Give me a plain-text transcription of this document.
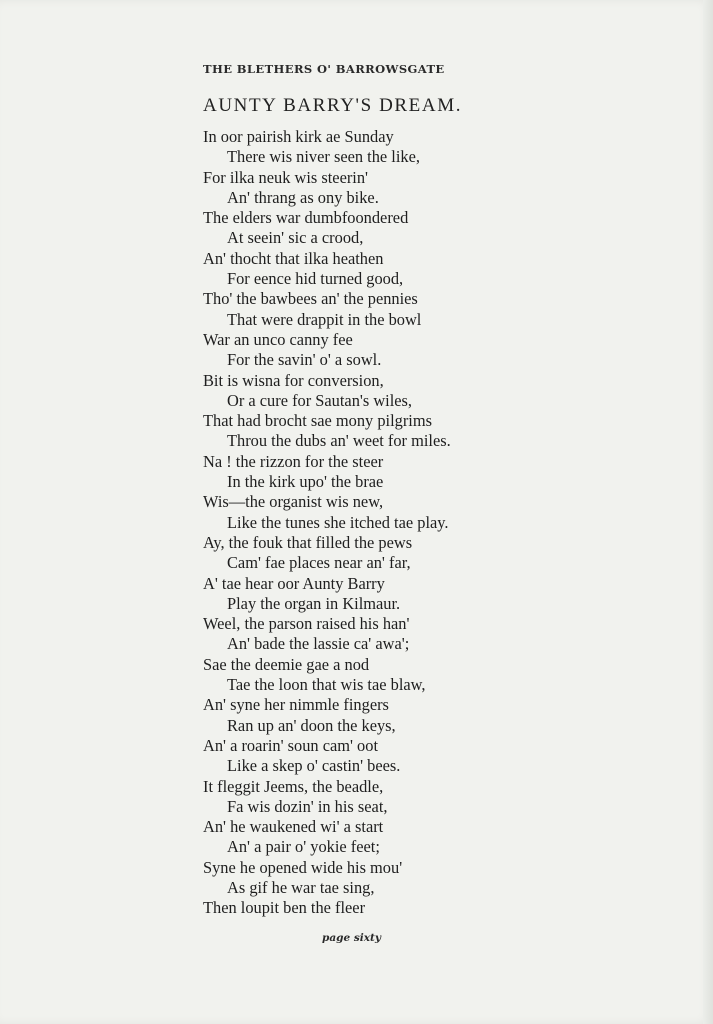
THE BLETHERS O' BARROWSGATE
AUNTY BARRY'S DREAM.
In oor pairish kirk ae Sunday
There wis niver seen the like,
For ilka neuk wis steerin'
An' thrang as ony bike.
The elders war dumbfoondered
At seein' sic a crood,
An' thocht that ilka heathen
For eence hid turned good,
Tho' the bawbees an' the pennies
That were drappit in the bowl
War an unco canny fee
For the savin' o' a sowl.
Bit is wisna for conversion,
Or a cure for Sautan's wiles,
That had brocht sae mony pilgrims
Throu the dubs an' weet for miles.
Na ! the rizzon for the steer
In the kirk upo' the brae
Wis—the organist wis new,
Like the tunes she itched tae play.
Ay, the fouk that filled the pews
Cam' fae places near an' far,
A' tae hear oor Aunty Barry
Play the organ in Kilmaur.
Weel, the parson raised his han'
An' bade the lassie ca' awa';
Sae the deemie gae a nod
Tae the loon that wis tae blaw,
An' syne her nimmle fingers
Ran up an' doon the keys,
An' a roarin' soun cam' oot
Like a skep o' castin' bees.
It fleggit Jeems, the beadle,
Fa wis dozin' in his seat,
An' he waukened wi' a start
An' a pair o' yokie feet;
Syne he opened wide his mou'
As gif he war tae sing,
Then loupit ben the fleer
page sixty
